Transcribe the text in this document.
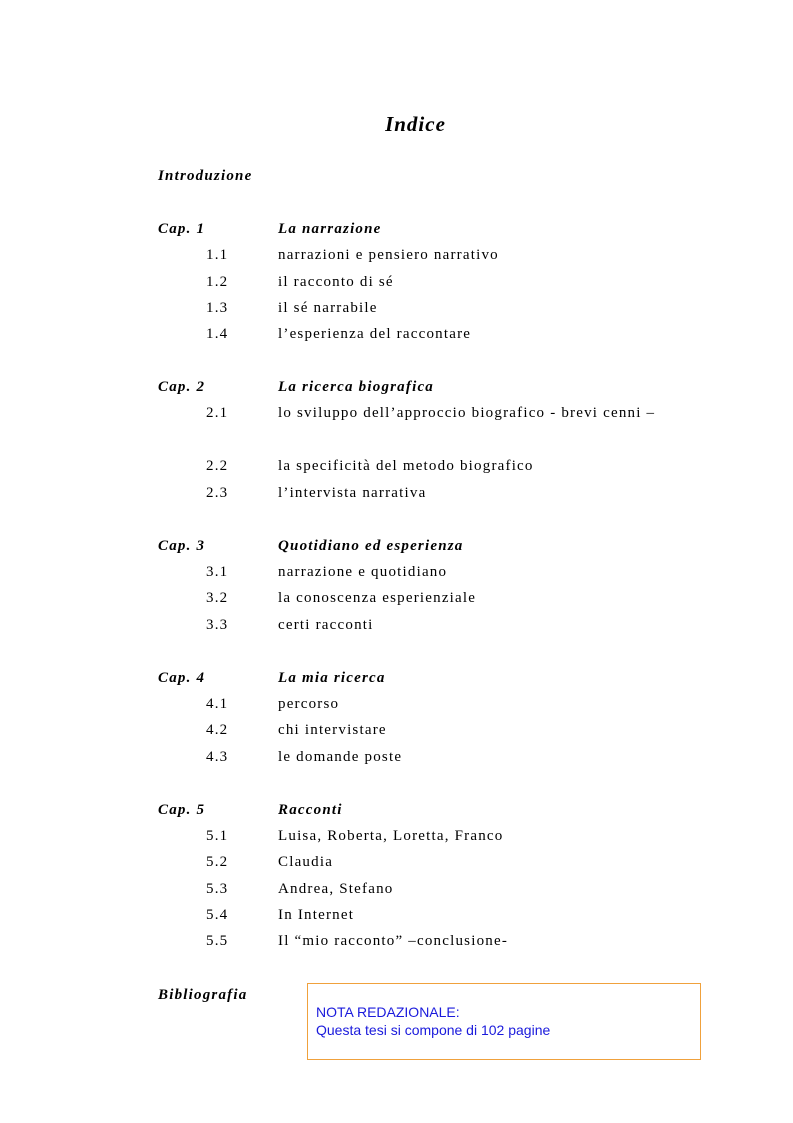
Indice
Introduzione
Cap. 1	La narrazione
1.1	narrazioni e pensiero narrativo
1.2	il racconto di sé
1.3	il sé narrabile
1.4	l’esperienza del raccontare
Cap. 2	La ricerca biografica
2.1	lo sviluppo dell’approccio biografico - brevi cenni –
2.2	la specificità del metodo biografico
2.3	l’intervista narrativa
Cap. 3	Quotidiano ed esperienza
3.1	narrazione e quotidiano
3.2	la conoscenza esperienziale
3.3	certi racconti
Cap. 4	La mia ricerca
4.1	percorso
4.2	chi intervistare
4.3	le domande poste
Cap. 5	Racconti
5.1	Luisa, Roberta, Loretta, Franco
5.2	Claudia
5.3	Andrea, Stefano
5.4	In Internet
5.5	Il “mio racconto” –conclusione-
Bibliografia
NOTA REDAZIONALE:
Questa tesi si compone di 102 pagine
